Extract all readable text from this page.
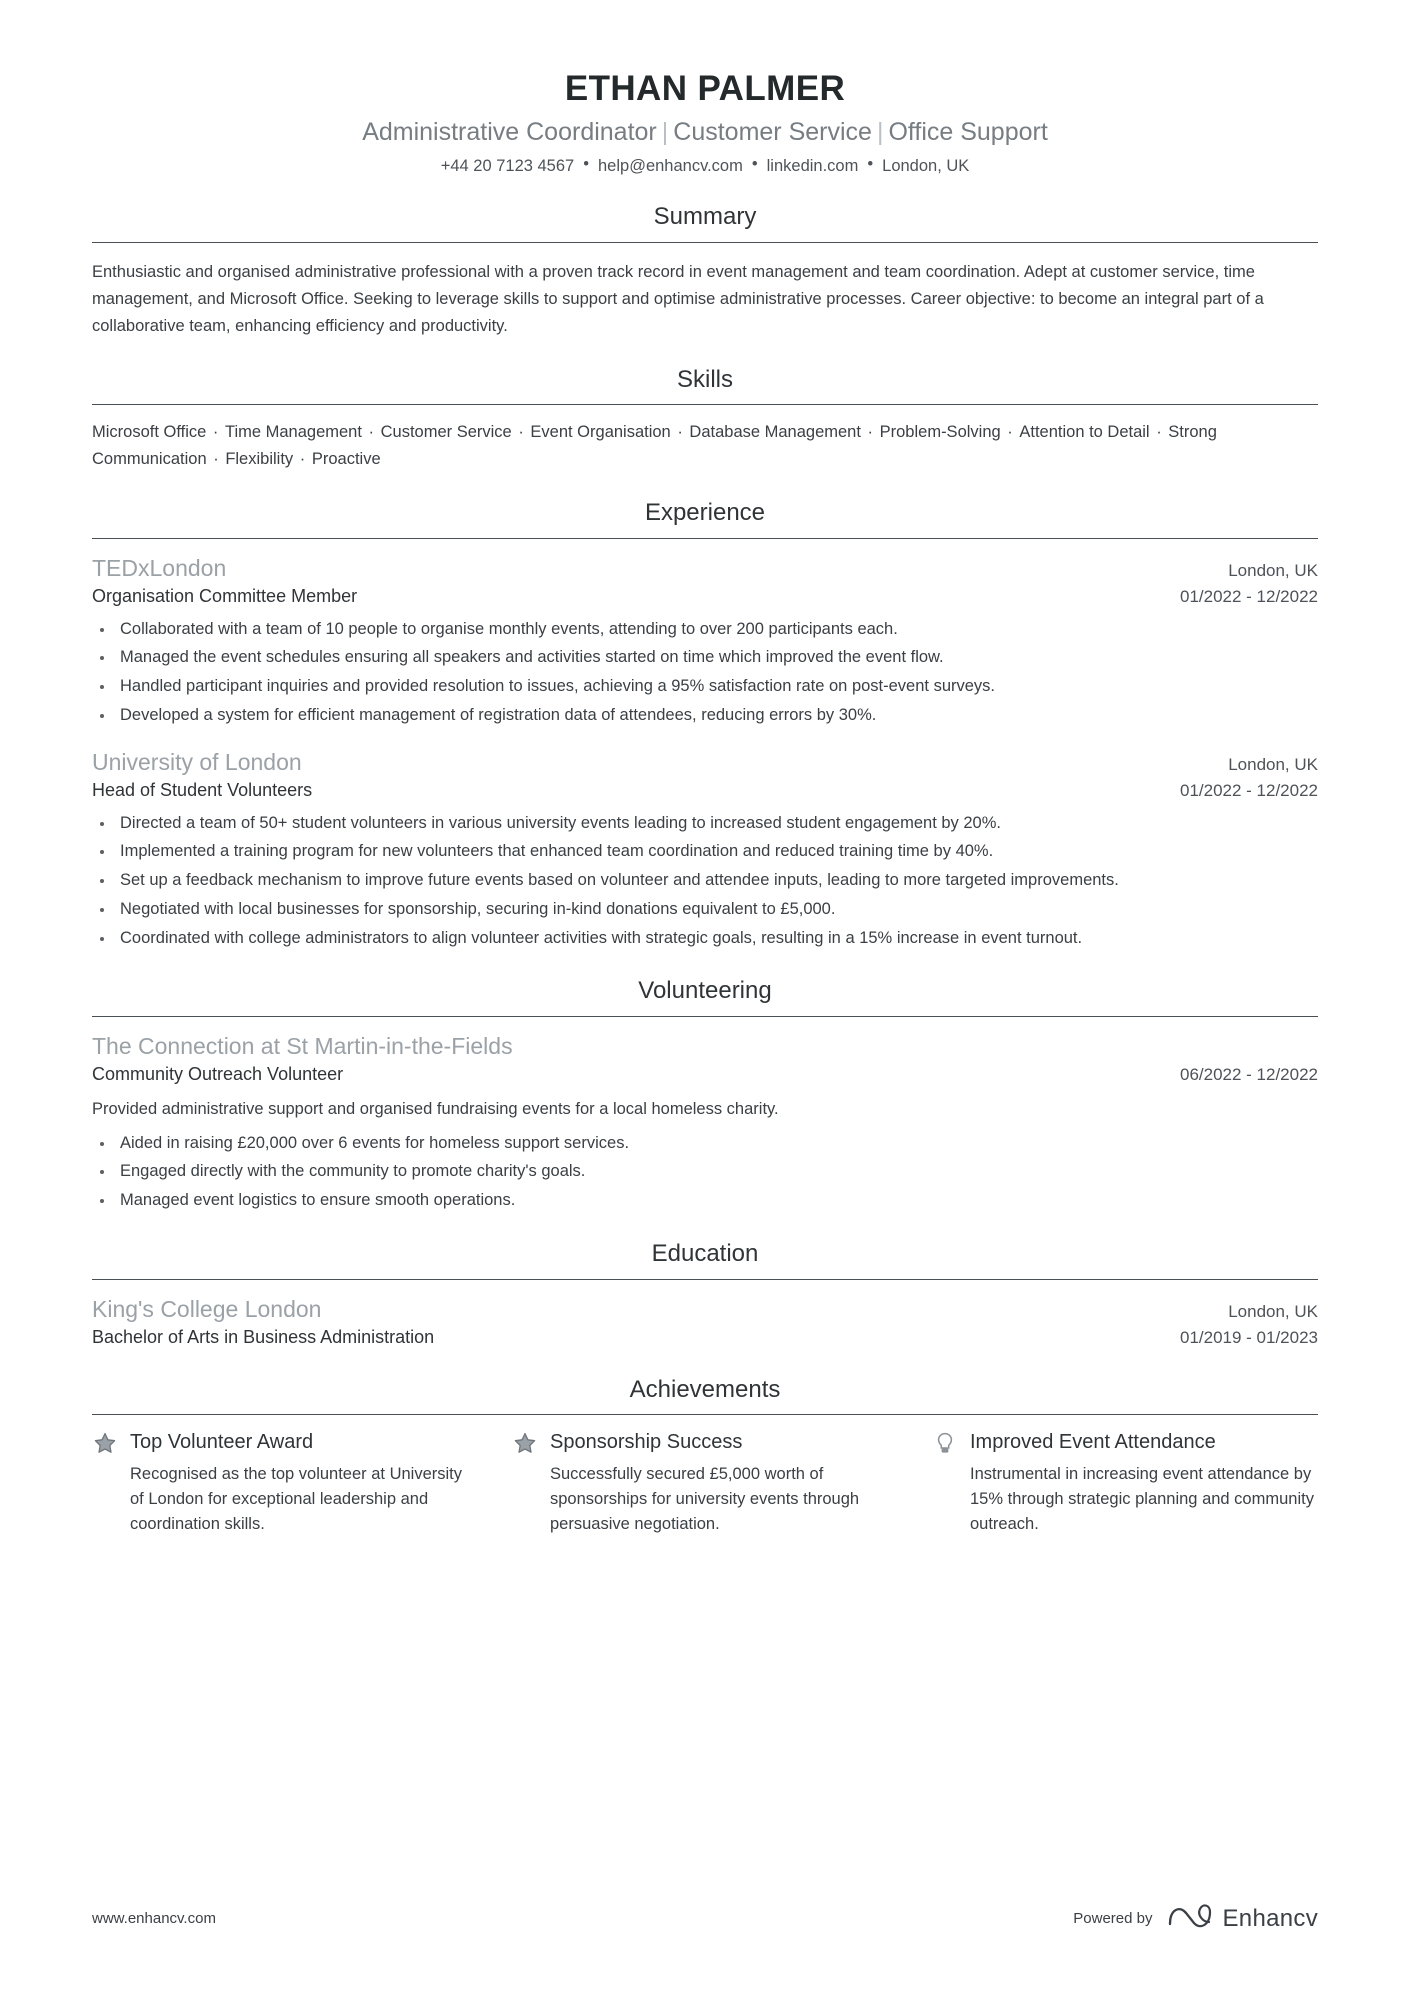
ETHAN PALMER
Administrative Coordinator | Customer Service | Office Support
+44 20 7123 4567 • help@enhancv.com • linkedin.com • London, UK
Summary

Enthusiastic and organised administrative professional with a proven track record in event management and team coordination. Adept at customer service, time management, and Microsoft Office. Seeking to leverage skills to support and optimise administrative processes. Career objective: to become an integral part of a collaborative team, enhancing efficiency and productivity.

Skills
Microsoft Office · Time Management · Customer Service · Event Organisation · Database Management · Problem-Solving · Attention to Detail · Strong Communication · Flexibility · Proactive
Experience
TEDxLondon	London, UK
Organisation Committee Member	01/2022 - 12/2022
Collaborated with a team of 10 people to organise monthly events, attending to over 200 participants each.
Managed the event schedules ensuring all speakers and activities started on time which improved the event flow.
Handled participant inquiries and provided resolution to issues, achieving a 95% satisfaction rate on post-event surveys.
Developed a system for efficient management of registration data of attendees, reducing errors by 30%.
University of London	London, UK
Head of Student Volunteers	01/2022 - 12/2022
Directed a team of 50+ student volunteers in various university events leading to increased student engagement by 20%.
Implemented a training program for new volunteers that enhanced team coordination and reduced training time by 40%.
Set up a feedback mechanism to improve future events based on volunteer and attendee inputs, leading to more targeted improvements.
Negotiated with local businesses for sponsorship, securing in-kind donations equivalent to £5,000.
Coordinated with college administrators to align volunteer activities with strategic goals, resulting in a 15% increase in event turnout.
Volunteering
The Connection at St Martin-in-the-Fields
Community Outreach Volunteer	06/2022 - 12/2022
Provided administrative support and organised fundraising events for a local homeless charity.
Aided in raising £20,000 over 6 events for homeless support services.
Engaged directly with the community to promote charity's goals.
Managed event logistics to ensure smooth operations.
Education
King's College London	London, UK
Bachelor of Arts in Business Administration	01/2019 - 01/2023
Achievements
Top Volunteer Award
Recognised as the top volunteer at University of London for exceptional leadership and coordination skills.
Sponsorship Success
Successfully secured £5,000 worth of sponsorships for university events through persuasive negotiation.
Improved Event Attendance
Instrumental in increasing event attendance by 15% through strategic planning and community outreach.
www.enhancv.com	Powered by	Enhancv
